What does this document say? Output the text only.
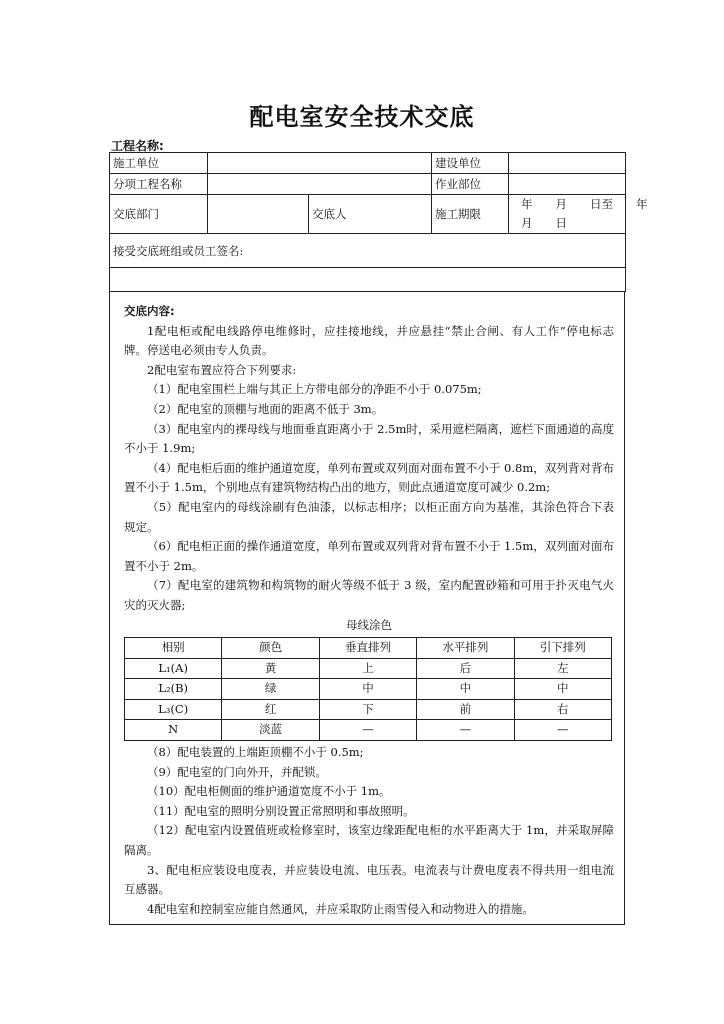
配电室安全技术交底
工程名称:
施工单位			建设单位	
分项工程名称			作业部位	
交底部门		交底人	施工期限	年　　月　　日至　　年
月　　日

接受交底班组或员工签名:				

交底内容:

1配电柜或配电线路停电维修时，应挂接地线，并应悬挂“禁止合闸、有人工作”停电标志牌。停送电必须由专人负责。

2配电室布置应符合下列要求:

（1）配电室围栏上端与其正上方带电部分的净距不小于 0.075m;

（2）配电室的顶棚与地面的距离不低于 3m。

（3）配电室内的裸母线与地面垂直距离小于 2.5m时，采用遮栏隔离，遮栏下面通道的高度不小于 1.9m;

（4）配电柜后面的维护通道宽度，单列布置或双列面对面布置不小于 0.8m，双列背对背布置不小于 1.5m，个别地点有建筑物结构凸出的地方，则此点通道宽度可减少 0.2m;

（5）配电室内的母线涂刷有色油漆，以标志相序；以柜正面方向为基准，其涂色符合下表规定。

（6）配电柜正面的操作通道宽度，单列布置或双列背对背布置不小于 1.5m，双列面对面布置不小于 2m。

（7）配电室的建筑物和构筑物的耐火等级不低于 3 级，室内配置砂箱和可用于扑灭电气火灾的灭火器;

母线涂色

相别	颜色	垂直排列	水平排列	引下排列
L₁(A)	黄	上	后	左
L₂(B)	绿	中	中	中
L₃(C)	红	下	前	右
N	淡蓝	—	—	—

（8）配电装置的上端距顶棚不小于 0.5m;

（9）配电室的门向外开，并配锁。

（10）配电柜侧面的维护通道宽度不小于 1m。

（11）配电室的照明分别设置正常照明和事故照明。

（12）配电室内设置值班或检修室时，该室边缘距配电柜的水平距离大于 1m，并采取屏障隔离。

3、配电柜应装设电度表，并应装设电流、电压表。电流表与计费电度表不得共用一组电流互感器。

4配电室和控制室应能自然通风，并应采取防止雨雪侵入和动物进入的措施。
